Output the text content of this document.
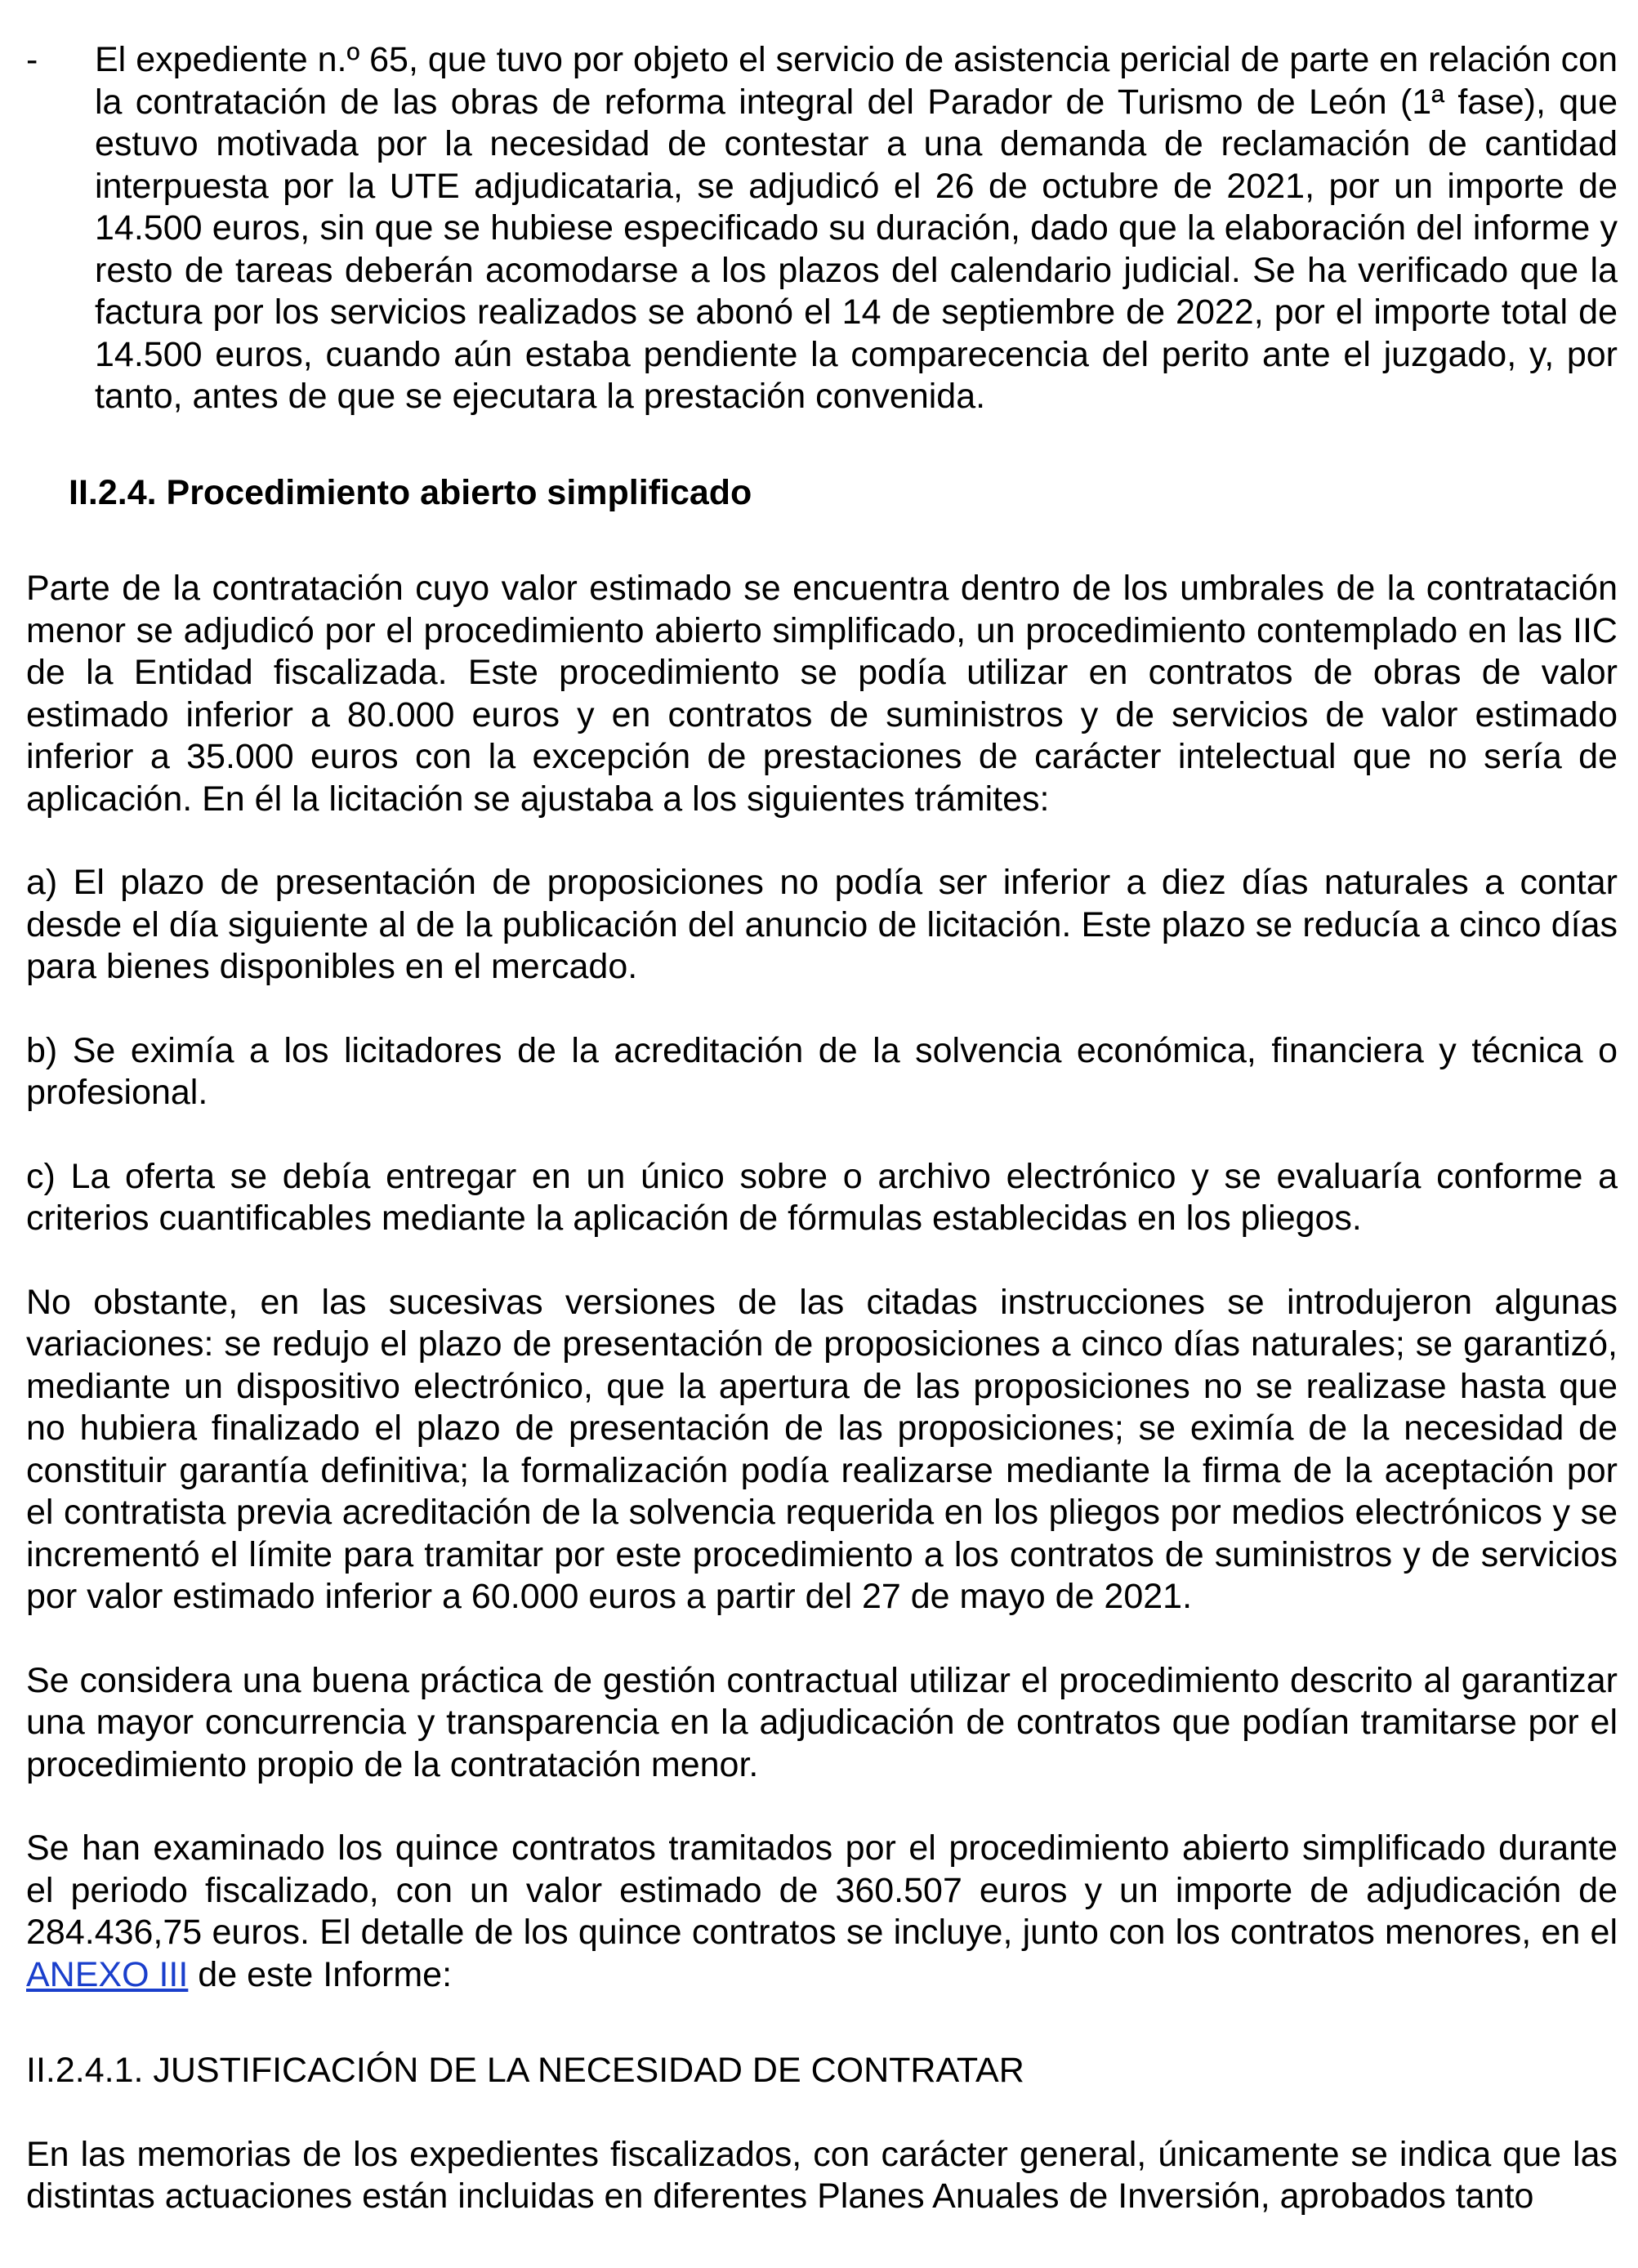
- El expediente n.º 65, que tuvo por objeto el servicio de asistencia pericial de parte en relación con la contratación de las obras de reforma integral del Parador de Turismo de León (1ª fase), que estuvo motivada por la necesidad de contestar a una demanda de reclamación de cantidad interpuesta por la UTE adjudicataria, se adjudicó el 26 de octubre de 2021, por un importe de 14.500 euros, sin que se hubiese especificado su duración, dado que la elaboración del informe y resto de tareas deberán acomodarse a los plazos del calendario judicial. Se ha verificado que la factura por los servicios realizados se abonó el 14 de septiembre de 2022, por el importe total de 14.500 euros, cuando aún estaba pendiente la comparecencia del perito ante el juzgado, y, por tanto, antes de que se ejecutara la prestación convenida.
II.2.4. Procedimiento abierto simplificado

Parte de la contratación cuyo valor estimado se encuentra dentro de los umbrales de la contratación menor se adjudicó por el procedimiento abierto simplificado, un procedimiento contemplado en las IIC de la Entidad fiscalizada. Este procedimiento se podía utilizar en contratos de obras de valor estimado inferior a 80.000 euros y en contratos de suministros y de servicios de valor estimado inferior a 35.000 euros con la excepción de prestaciones de carácter intelectual que no sería de aplicación. En él la licitación se ajustaba a los siguientes trámites:

a) El plazo de presentación de proposiciones no podía ser inferior a diez días naturales a contar desde el día siguiente al de la publicación del anuncio de licitación. Este plazo se reducía a cinco días para bienes disponibles en el mercado.

b) Se eximía a los licitadores de la acreditación de la solvencia económica, financiera y técnica o profesional.

c) La oferta se debía entregar en un único sobre o archivo electrónico y se evaluaría conforme a criterios cuantificables mediante la aplicación de fórmulas establecidas en los pliegos.

No obstante, en las sucesivas versiones de las citadas instrucciones se introdujeron algunas variaciones: se redujo el plazo de presentación de proposiciones a cinco días naturales; se garantizó, mediante un dispositivo electrónico, que la apertura de las proposiciones no se realizase hasta que no hubiera finalizado el plazo de presentación de las proposiciones; se eximía de la necesidad de constituir garantía definitiva; la formalización podía realizarse mediante la firma de la aceptación por el contratista previa acreditación de la solvencia requerida en los pliegos por medios electrónicos y se incrementó el límite para tramitar por este procedimiento a los contratos de suministros y de servicios por valor estimado inferior a 60.000 euros a partir del 27 de mayo de 2021.

Se considera una buena práctica de gestión contractual utilizar el procedimiento descrito al garantizar una mayor concurrencia y transparencia en la adjudicación de contratos que podían tramitarse por el procedimiento propio de la contratación menor.

Se han examinado los quince contratos tramitados por el procedimiento abierto simplificado durante el periodo fiscalizado, con un valor estimado de 360.507 euros y un importe de adjudicación de 284.436,75 euros. El detalle de los quince contratos se incluye, junto con los contratos menores, en el ANEXO III de este Informe:

II.2.4.1. JUSTIFICACIÓN DE LA NECESIDAD DE CONTRATAR

En las memorias de los expedientes fiscalizados, con carácter general, únicamente se indica que las distintas actuaciones están incluidas en diferentes Planes Anuales de Inversión, aprobados tanto
